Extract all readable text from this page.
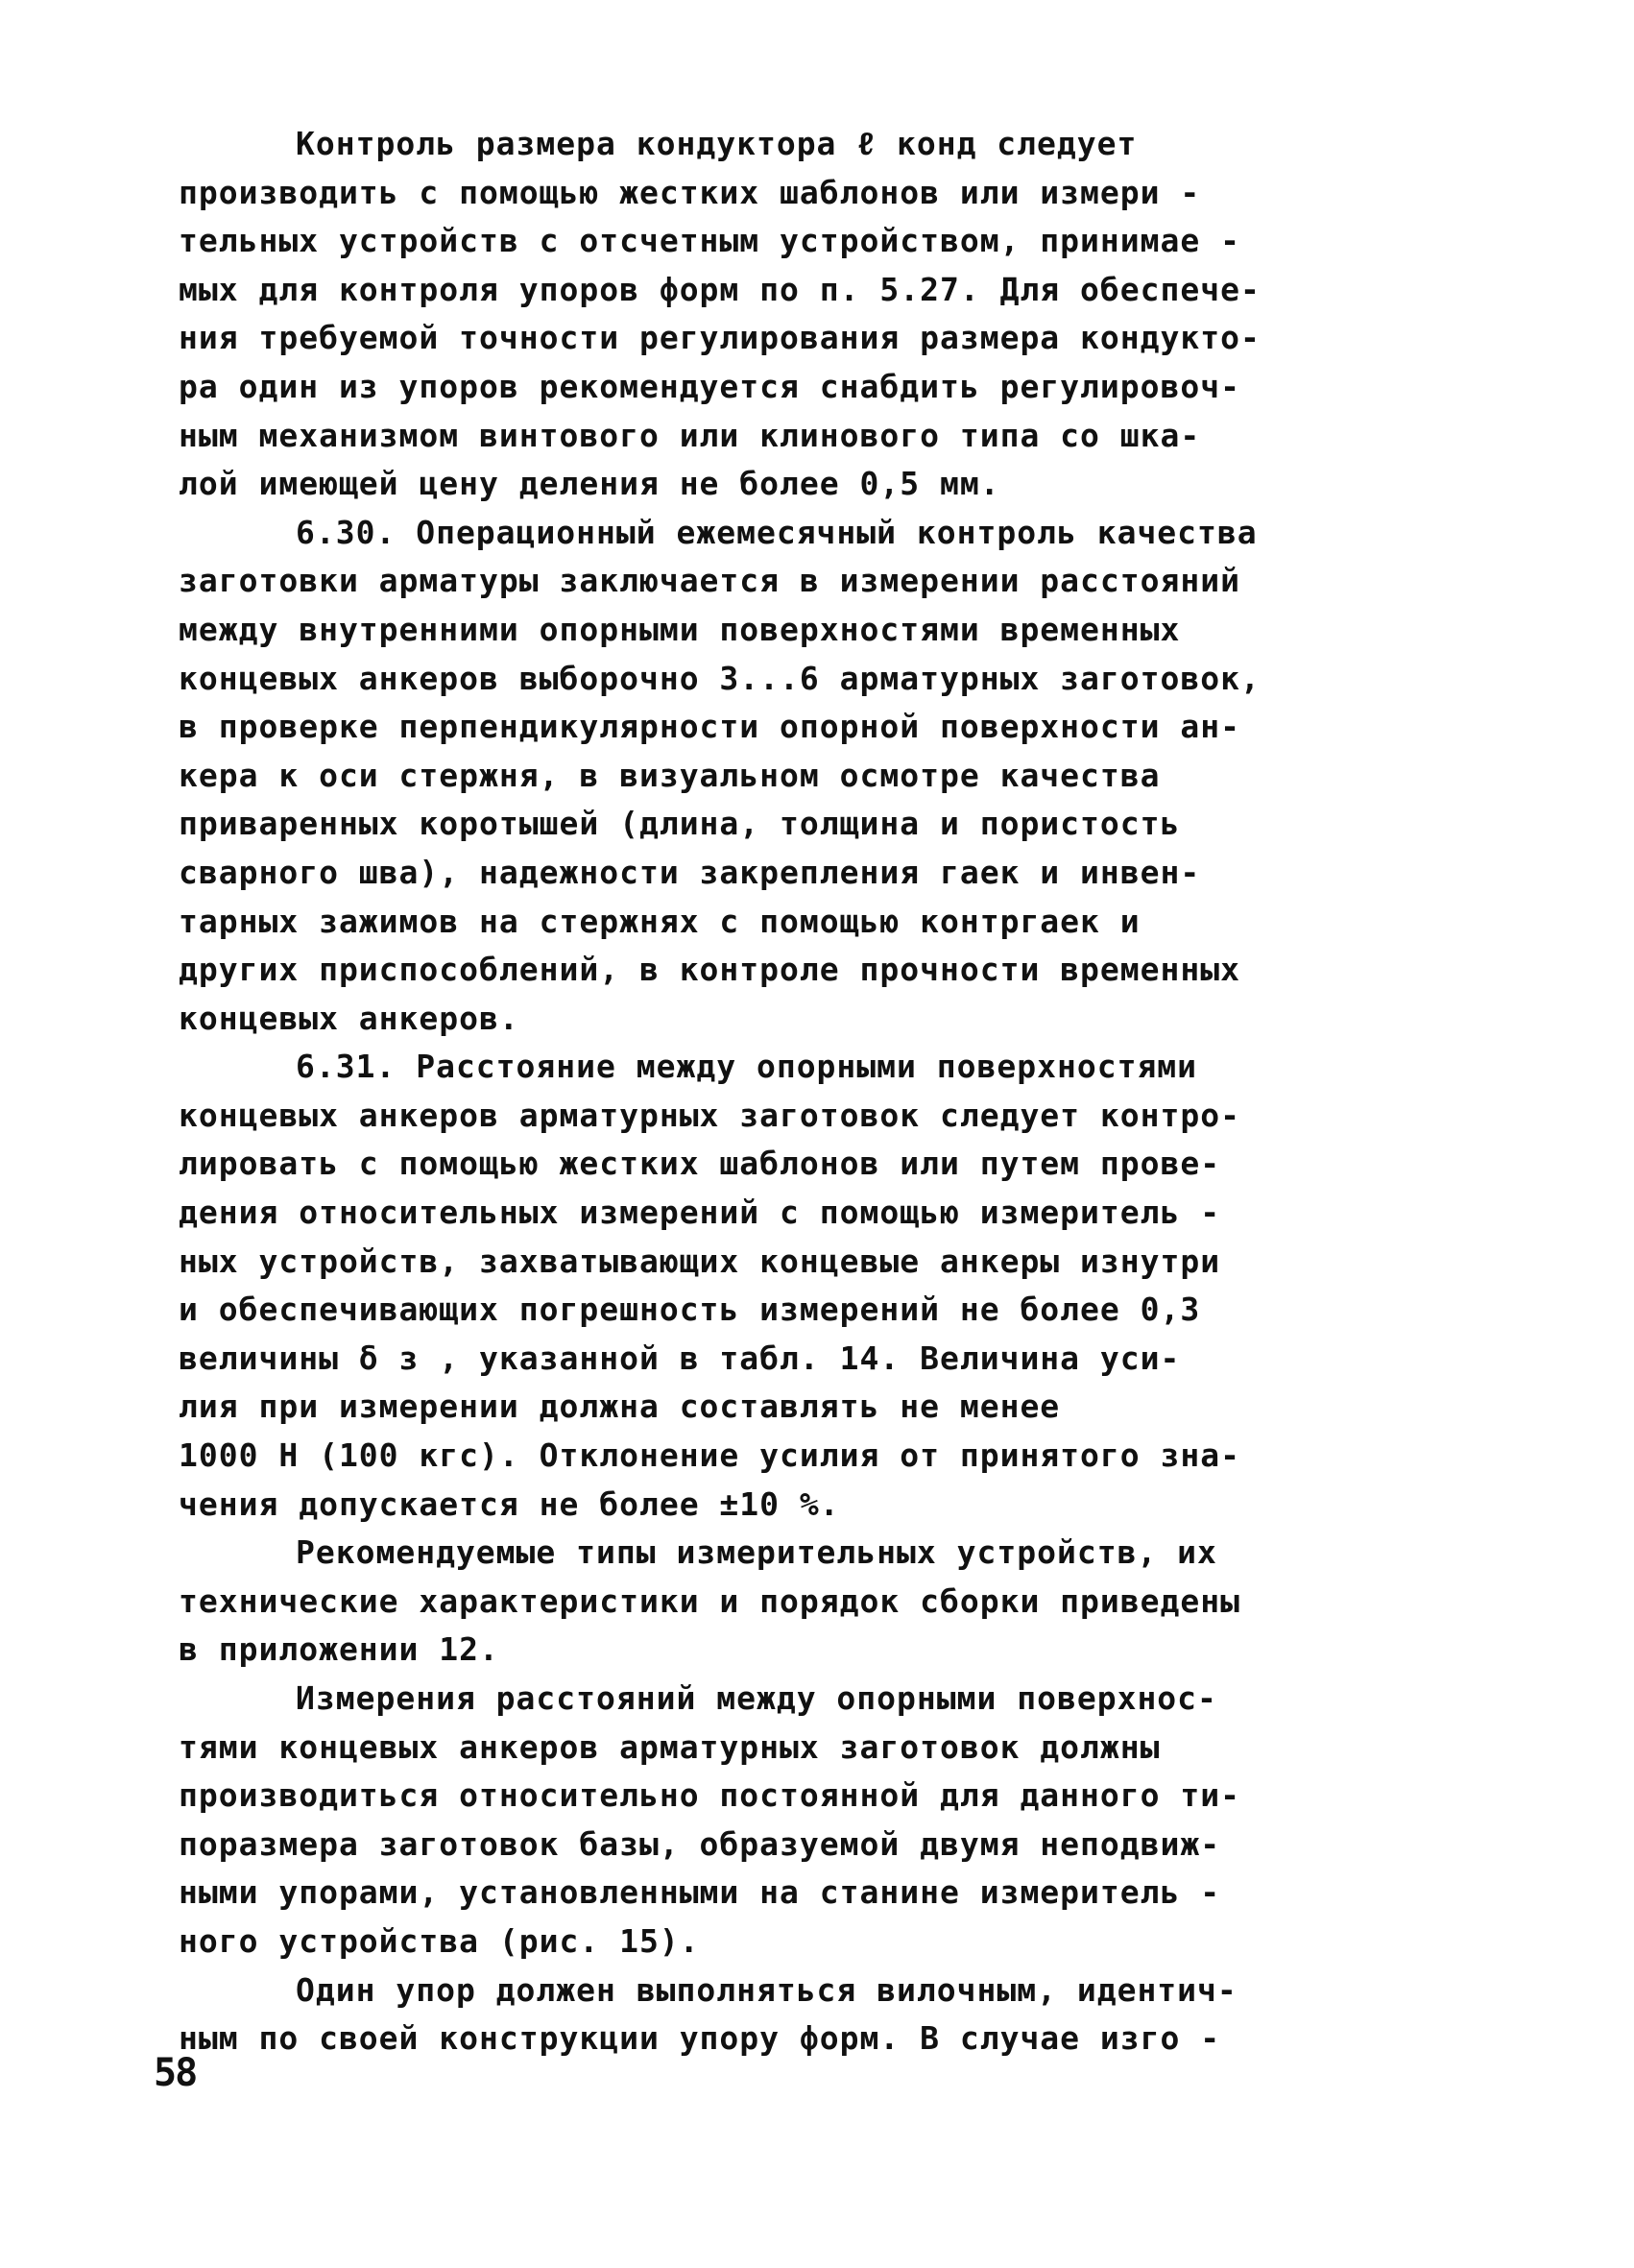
Контроль размера кондуктора ℓ конд следует
производить с помощью жестких шаблонов или измери -
тельных устройств с отсчетным устройством, принимае -
мых для контроля упоров форм по п. 5.27. Для обеспече-
ния требуемой точности регулирования размера кондукто-
ра один из упоров рекомендуется снабдить регулировоч-
ным механизмом винтового или клинового типа со шка-
лой имеющей цену деления не более 0,5 мм.
6.30. Операционный ежемесячный контроль качества
заготовки арматуры заключается в измерении расстояний
между внутренними опорными поверхностями временных
концевых анкеров выборочно 3...6 арматурных заготовок,
в проверке перпендикулярности опорной поверхности ан-
кера к оси стержня, в визуальном осмотре качества
приваренных коротышей (длина, толщина и пористость
сварного шва), надежности закрепления гаек и инвен-
тарных зажимов на стержнях с помощью контргаек и
других приспособлений, в контроле прочности временных
концевых анкеров.
6.31. Расстояние между опорными поверхностями
концевых анкеров арматурных заготовок следует контро-
лировать с помощью жестких шаблонов или путем прове-
дения относительных измерений с помощью измеритель -
ных устройств, захватывающих концевые анкеры изнутри
и обеспечивающих погрешность измерений не более 0,3
величины δ з , указанной в табл. 14. Величина уси-
лия при измерении должна составлять не менее
1000 Н (100 кгс). Отклонение усилия от принятого зна-
чения допускается не более ±10 %.
Рекомендуемые типы измерительных устройств, их
технические характеристики и порядок сборки приведены
в приложении 12.
Измерения расстояний между опорными поверхнос-
тями концевых анкеров арматурных заготовок должны
производиться относительно постоянной для данного ти-
поразмера заготовок базы, образуемой двумя неподвиж-
ными упорами, установленными на станине измеритель -
ного устройства (рис. 15).
Один упор должен выполняться вилочным, идентич-
ным по своей конструкции упору форм. В случае изго -
58
